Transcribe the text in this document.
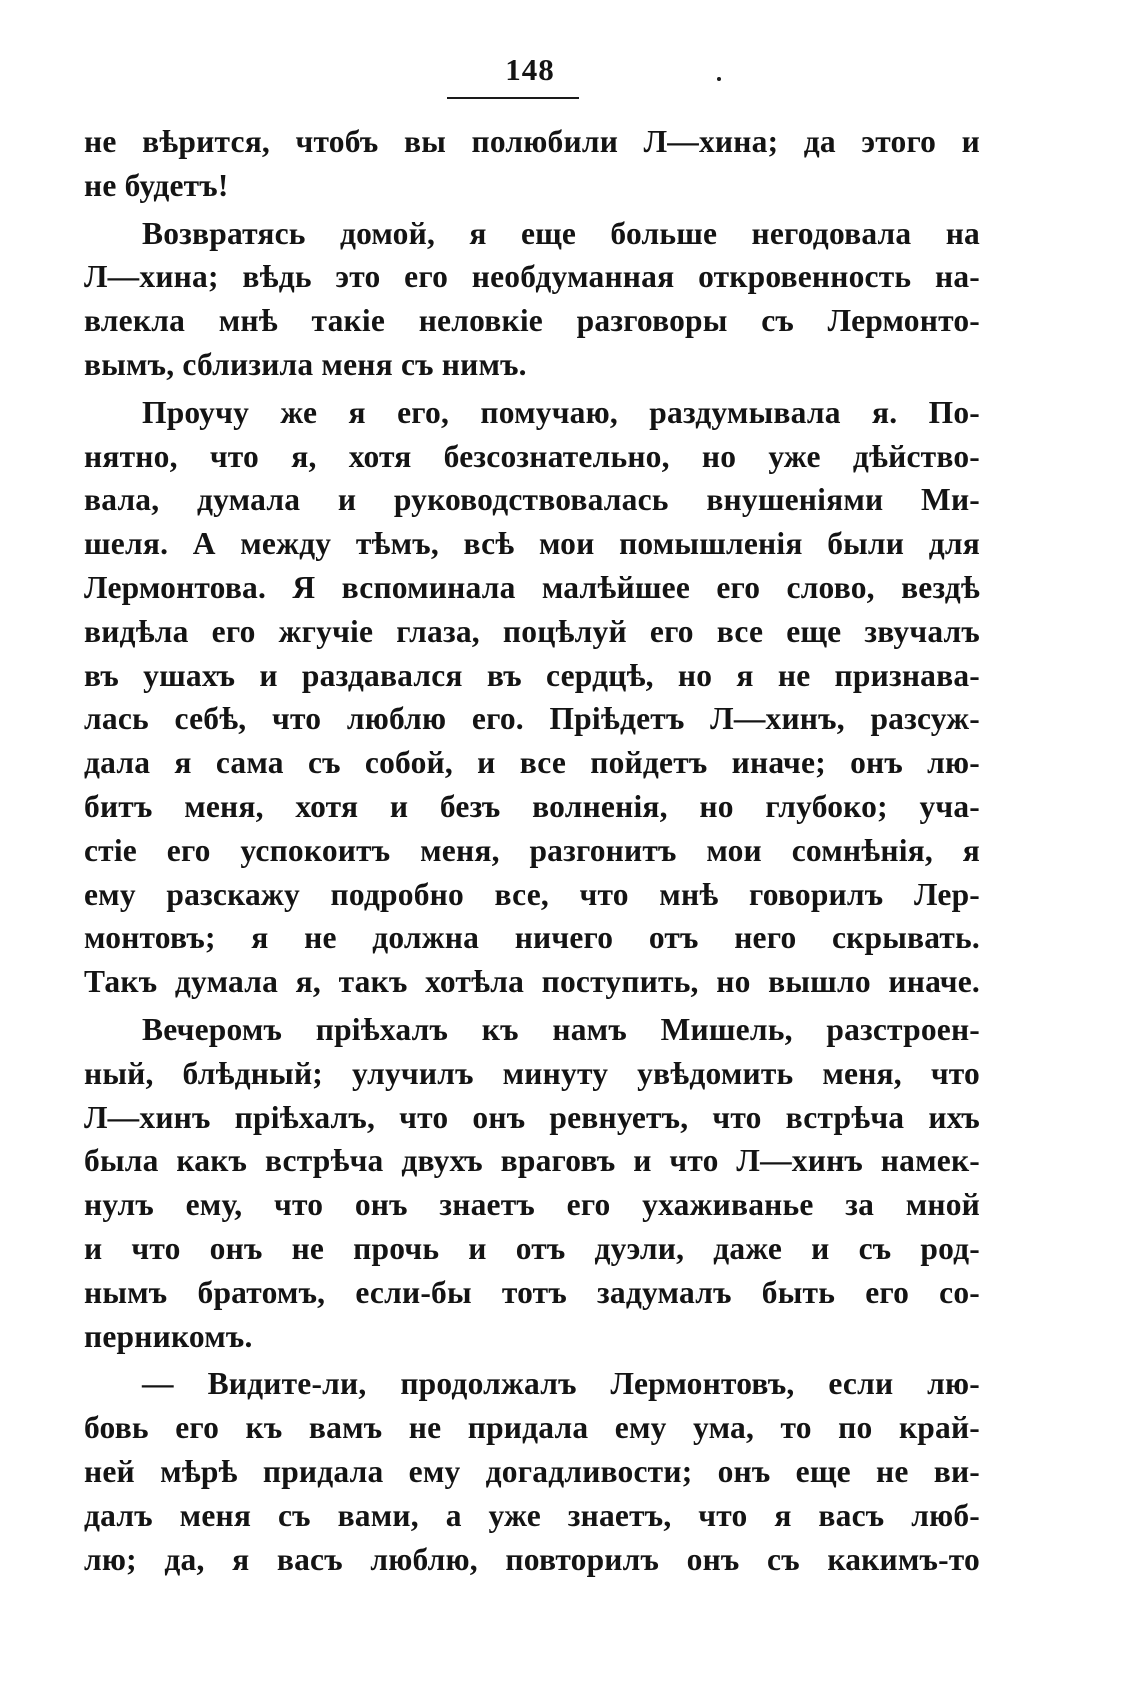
148
не вѣрится, чтобъ вы полюбили Л—хина; да этого и
не будетъ!
Возвратясь домой, я еще больше негодовала на
Л—хина; вѣдь это его необдуманная откровенность на-
влекла мнѣ такіе неловкіе разговоры съ Лермонто-
вымъ, сблизила меня съ нимъ.
Проучу же я его, помучаю, раздумывала я. По-
нятно, что я, хотя безсознательно, но уже дѣйство-
вала, думала и руководствовалась внушеніями Ми-
шеля. А между тѣмъ, всѣ мои помышленія были для
Лермонтова. Я вспоминала малѣйшее его слово, вездѣ
видѣла его жгучіе глаза, поцѣлуй его все еще звучалъ
въ ушахъ и раздавался въ сердцѣ, но я не признава-
лась себѣ, что люблю его. Пріѣдетъ Л—хинъ, разсуж-
дала я сама съ собой, и все пойдетъ иначе; онъ лю-
битъ меня, хотя и безъ волненія, но глубоко; уча-
стіе его успокоитъ меня, разгонитъ мои сомнѣнія, я
ему разскажу подробно все, что мнѣ говорилъ Лер-
монтовъ; я не должна ничего отъ него скрывать.
Такъ думала я, такъ хотѣла поступить, но вышло иначе.
Вечеромъ пріѣхалъ къ намъ Мишель, разстроен-
ный, блѣдный; улучилъ минуту увѣдомить меня, что
Л—хинъ пріѣхалъ, что онъ ревнуетъ, что встрѣча ихъ
была какъ встрѣча двухъ враговъ и что Л—хинъ намек-
нулъ ему, что онъ знаетъ его ухаживанье за мной
и что онъ не прочь и отъ дуэли, даже и съ род-
нымъ братомъ, если-бы тотъ задумалъ быть его со-
перникомъ.
— Видите-ли, продолжалъ Лермонтовъ, если лю-
бовь его къ вамъ не придала ему ума, то по край-
ней мѣрѣ придала ему догадливости; онъ еще не ви-
далъ меня съ вами, а уже знаетъ, что я васъ люб-
лю; да, я васъ люблю, повторилъ онъ съ какимъ-то
